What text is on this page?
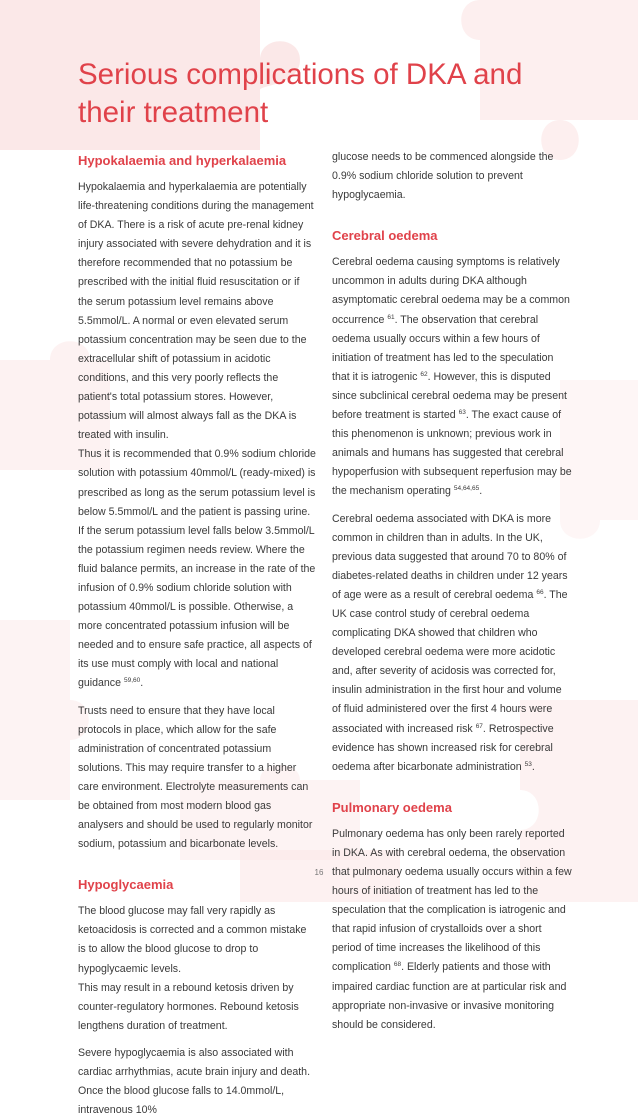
Serious complications of DKA and their treatment
Hypokalaemia and hyperkalaemia

Hypokalaemia and hyperkalaemia are potentially life-threatening conditions during the management of DKA. There is a risk of acute pre-renal kidney injury associated with severe dehydration and it is therefore recommended that no potassium be prescribed with the initial fluid resuscitation or if the serum potassium level remains above 5.5mmol/L. A normal or even elevated serum potassium concentration may be seen due to the extracellular shift of potassium in acidotic conditions, and this very poorly reflects the patient's total potassium stores. However, potassium will almost always fall as the DKA is treated with insulin.

Thus it is recommended that 0.9% sodium chloride solution with potassium 40mmol/L (ready-mixed) is prescribed as long as the serum potassium level is below 5.5mmol/L and the patient is passing urine.

If the serum potassium level falls below 3.5mmol/L the potassium regimen needs review. Where the fluid balance permits, an increase in the rate of the infusion of 0.9% sodium chloride solution with potassium 40mmol/L is possible. Otherwise, a more concentrated potassium infusion will be needed and to ensure safe practice, all aspects of its use must comply with local and national guidance $^{59,60}$.

Trusts need to ensure that they have local protocols in place, which allow for the safe administration of concentrated potassium solutions. This may require transfer to a higher care environment. Electrolyte measurements can be obtained from most modern blood gas analysers and should be used to regularly monitor sodium, potassium and bicarbonate levels.

Hypoglycaemia

The blood glucose may fall very rapidly as ketoacidosis is corrected and a common mistake is to allow the blood glucose to drop to hypoglycaemic levels.

This may result in a rebound ketosis driven by counter-regulatory hormones. Rebound ketosis lengthens duration of treatment.

Severe hypoglycaemia is also associated with cardiac arrhythmias, acute brain injury and death. Once the blood glucose falls to 14.0mmol/L, intravenous 10%

glucose needs to be commenced alongside the 0.9% sodium chloride solution to prevent hypoglycaemia.

Cerebral oedema

Cerebral oedema causing symptoms is relatively uncommon in adults during DKA although asymptomatic cerebral oedema may be a common occurrence $^{61}$. The observation that cerebral oedema usually occurs within a few hours of initiation of treatment has led to the speculation that it is iatrogenic $^{62}$. However, this is disputed since subclinical cerebral oedema may be present before treatment is started $^{63}$. The exact cause of this phenomenon is unknown; previous work in animals and humans has suggested that cerebral hypoperfusion with subsequent reperfusion may be the mechanism operating $^{54,64,65}$.

Cerebral oedema associated with DKA is more common in children than in adults. In the UK, previous data suggested that around 70 to 80% of diabetes-related deaths in children under 12 years of age were as a result of cerebral oedema $^{66}$. The UK case control study of cerebral oedema complicating DKA showed that children who developed cerebral oedema were more acidotic and, after severity of acidosis was corrected for, insulin administration in the first hour and volume of fluid administered over the first 4 hours were associated with increased risk $^{67}$. Retrospective evidence has shown increased risk for cerebral oedema after bicarbonate administration $^{53}$.

Pulmonary oedema

Pulmonary oedema has only been rarely reported in DKA. As with cerebral oedema, the observation that pulmonary oedema usually occurs within a few hours of initiation of treatment has led to the speculation that the complication is iatrogenic and that rapid infusion of crystalloids over a short period of time increases the likelihood of this complication $^{68}$. Elderly patients and those with impaired cardiac function are at particular risk and appropriate non-invasive or invasive monitoring should be considered.

16
